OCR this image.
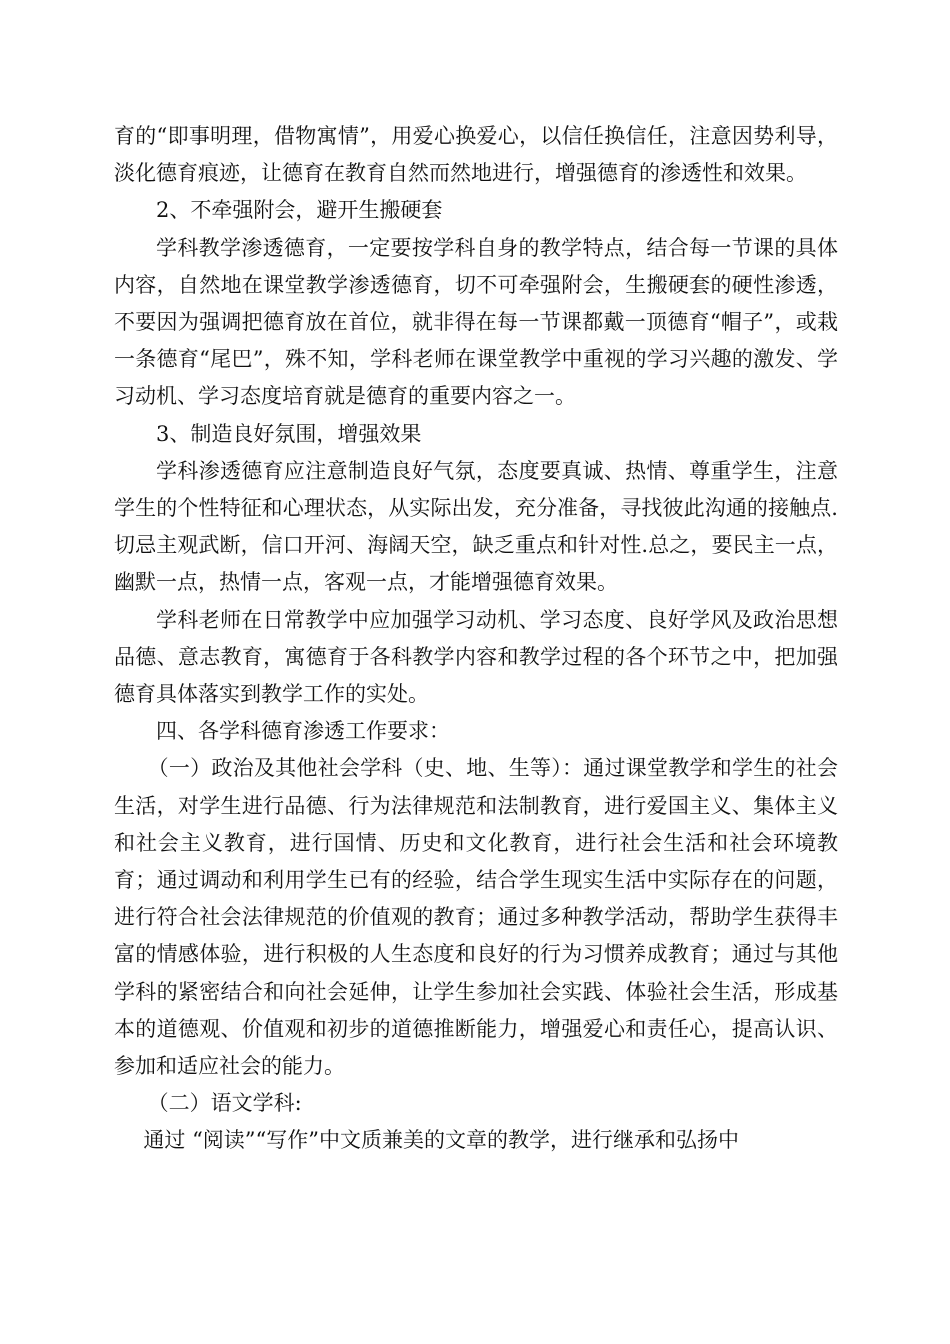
育的“即事明理，借物寓情”，用爱心换爱心，以信任换信任，注意因势利导，淡化德育痕迹，让德育在教育自然而然地进行，增强德育的渗透性和效果。

2、不牵强附会，避开生搬硬套

学科教学渗透德育，一定要按学科自身的教学特点，结合每一节课的具体内容，自然地在课堂教学渗透德育，切不可牵强附会，生搬硬套的硬性渗透，不要因为强调把德育放在首位，就非得在每一节课都戴一顶德育“帽子”，或栽一条德育“尾巴”，殊不知，学科老师在课堂教学中重视的学习兴趣的激发、学习动机、学习态度培育就是德育的重要内容之一。

3、制造良好氛围，增强效果

学科渗透德育应注意制造良好气氛，态度要真诚、热情、尊重学生，注意学生的个性特征和心理状态，从实际出发，充分准备，寻找彼此沟通的接触点.切忌主观武断，信口开河、海阔天空，缺乏重点和针对性.总之，要民主一点，幽默一点，热情一点，客观一点，才能增强德育效果。

学科老师在日常教学中应加强学习动机、学习态度、良好学风及政治思想品德、意志教育，寓德育于各科教学内容和教学过程的各个环节之中，把加强德育具体落实到教学工作的实处。

四、各学科德育渗透工作要求：

（一）政治及其他社会学科（史、地、生等）：通过课堂教学和学生的社会生活，对学生进行品德、行为法律规范和法制教育，进行爱国主义、集体主义和社会主义教育，进行国情、历史和文化教育，进行社会生活和社会环境教育；通过调动和利用学生已有的经验，结合学生现实生活中实际存在的问题，进行符合社会法律规范的价值观的教育；通过多种教学活动，帮助学生获得丰富的情感体验，进行积极的人生态度和良好的行为习惯养成教育；通过与其他学科的紧密结合和向社会延伸，让学生参加社会实践、体验社会生活，形成基本的道德观、价值观和初步的道德推断能力，增强爱心和责任心，提高认识、参加和适应社会的能力。

（二）语文学科:

通过 “阅读”“写作”中文质兼美的文章的教学，进行继承和弘扬中
